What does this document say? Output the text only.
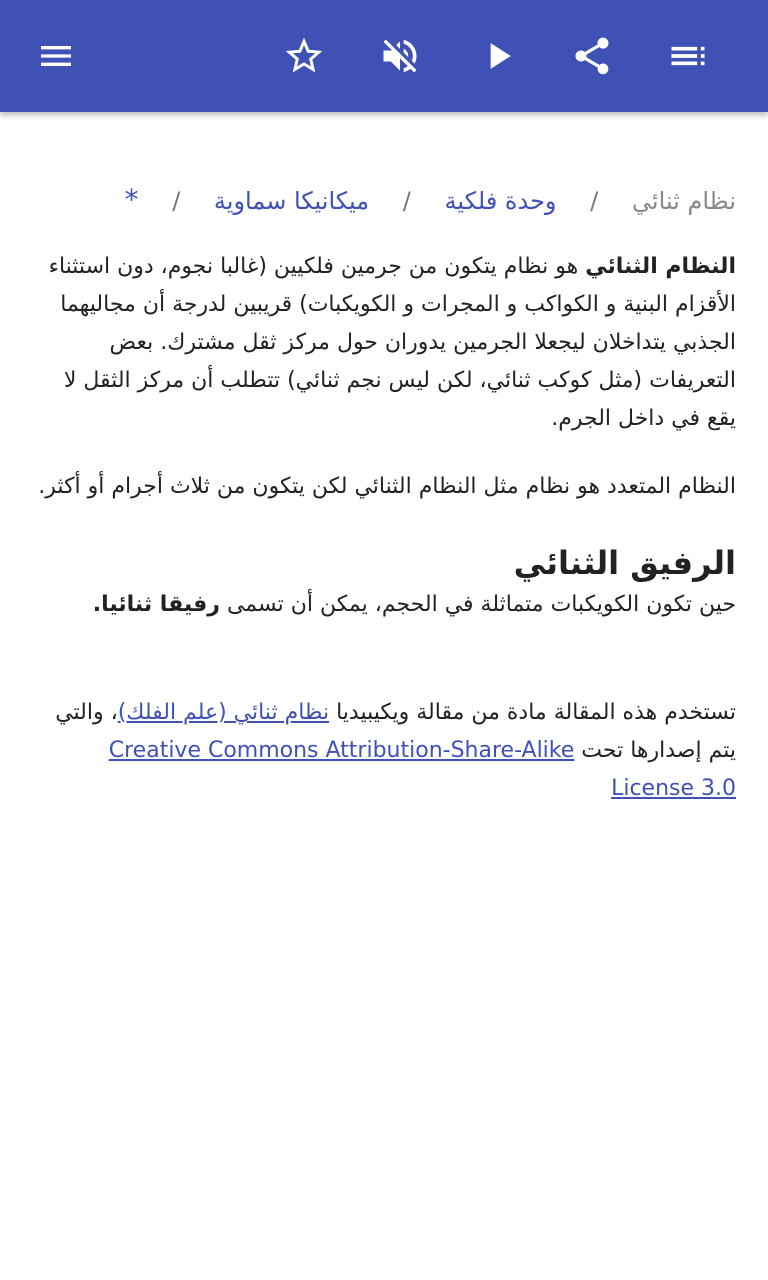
نظام ثنائي / وحدة فلكية / ميكانيكا سماوية / *

النظام الثنائي هو نظام يتكون من جرمين فلكيين (غالبا نجوم، دون استثناء الأقزام البنية و الكواكب و المجرات و الكويكبات) قريبين لدرجة أن مجاليهما الجذبي يتداخلان ليجعلا الجرمين يدوران حول مركز ثقل مشترك. بعض التعريفات (مثل كوكب ثنائي، لكن ليس نجم ثنائي) تتطلب أن مركز الثقل لا يقع في داخل الجرم.

النظام المتعدد هو نظام مثل النظام الثنائي لكن يتكون من ثلاث أجرام أو أكثر.

الرفيق الثنائي

حين تكون الكويكبات متماثلة في الحجم، يمكن أن تسمى رفيقا ثنائيا.

تستخدم هذه المقالة مادة من مقالة ويكيبيديا نظام ثنائي (علم الفلك)، والتي يتم إصدارها تحت Creative Commons Attribution-Share-Alike License 3.0
